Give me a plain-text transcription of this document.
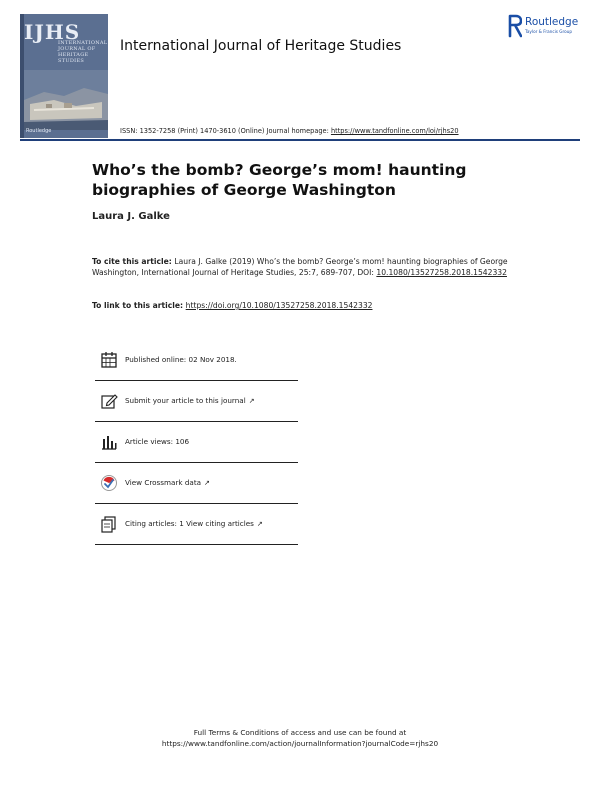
IJHS
INTERNATIONAL JOURNAL OF HERITAGE STUDIES
Routledge
International Journal of Heritage Studies
ISSN: 1352-7258 (Print) 1470-3610 (Online) Journal homepage: https://www.tandfonline.com/loi/rjhs20
Routledge
Taylor & Francis Group
Who’s the bomb? George’s mom! haunting biographies of George Washington
Laura J. Galke
To cite this article: Laura J. Galke (2019) Who’s the bomb? George’s mom! haunting biographies of George Washington, International Journal of Heritage Studies, 25:7, 689-707, DOI: 10.1080/13527258.2018.1542332
To link to this article: https://doi.org/10.1080/13527258.2018.1542332
Published online: 02 Nov 2018.
Submit your article to this journal ↗
Article views: 106
View Crossmark data ↗
Citing articles: 1 View citing articles ↗
Full Terms & Conditions of access and use can be found at
https://www.tandfonline.com/action/journalInformation?journalCode=rjhs20
